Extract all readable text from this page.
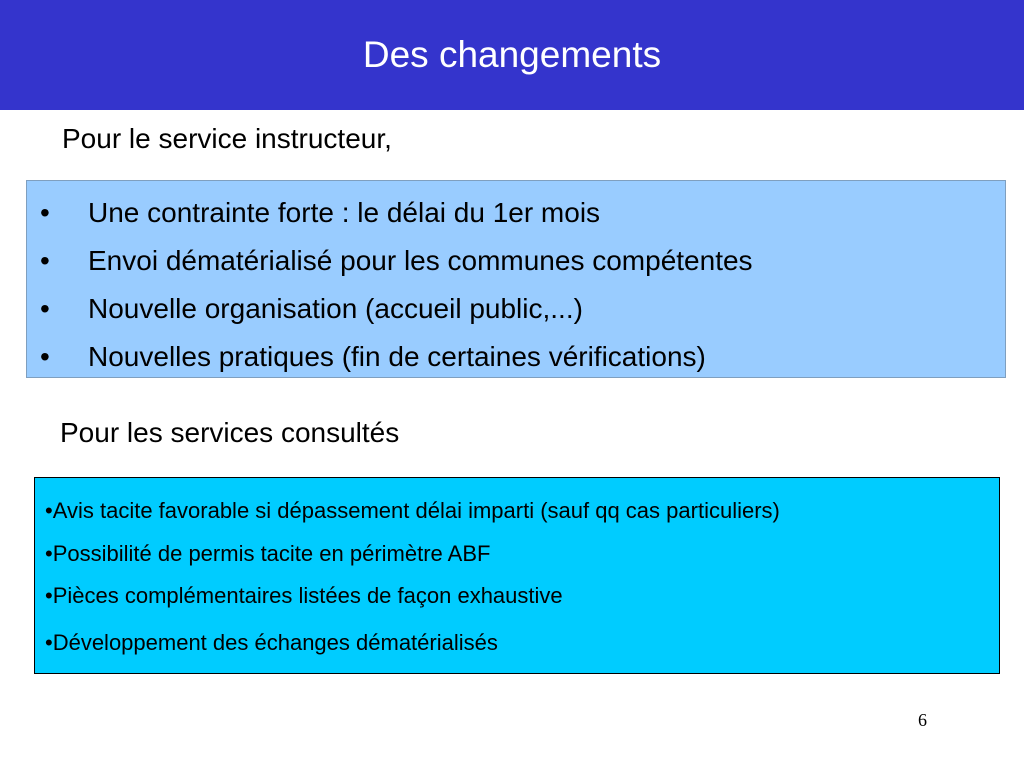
Des changements
Pour le service instructeur,
• Une contrainte forte : le délai du 1er mois
• Envoi dématérialisé pour les communes compétentes
• Nouvelle organisation (accueil public,...)
• Nouvelles pratiques (fin de certaines vérifications)
Pour les services consultés
•Avis tacite favorable si dépassement délai imparti (sauf qq cas particuliers)
•Possibilité de permis tacite en périmètre ABF
•Pièces complémentaires listées de façon exhaustive
•Développement des échanges dématérialisés
6
